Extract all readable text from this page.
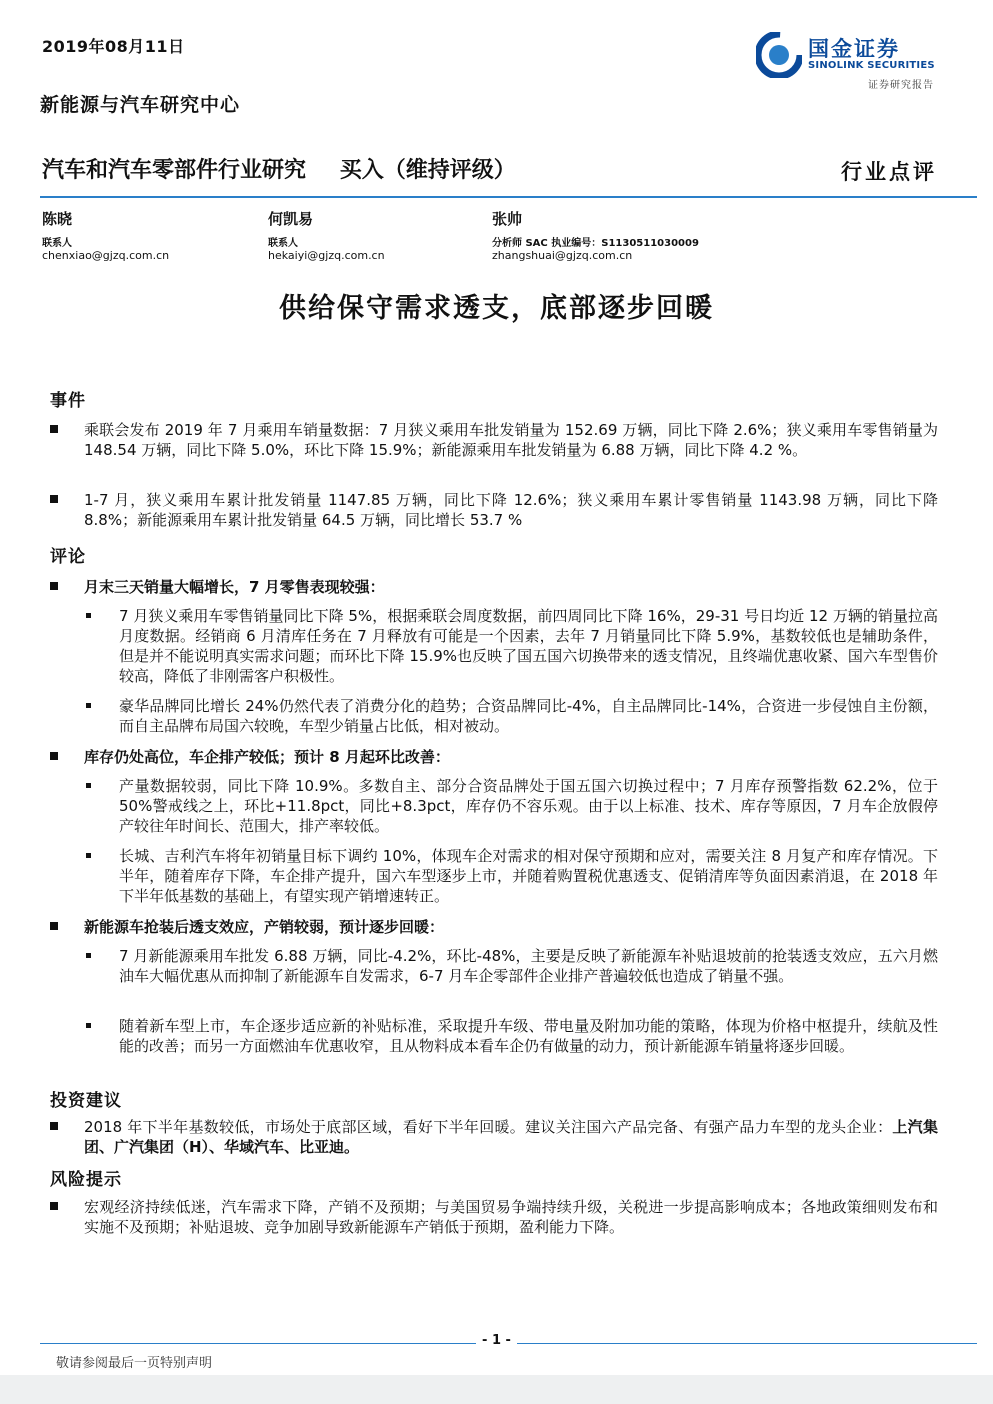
2019年08月11日
新能源与汽车研究中心
国金证券
SINOLINK SECURITIES
证券研究报告
汽车和汽车零部件行业研究 买入（维持评级）	行业点评
陈晓
联系人
chenxiao@gjzq.com.cn
何凯易
联系人
hekaiyi@gjzq.com.cn
张帅
分析师 SAC 执业编号：S1130511030009
zhangshuai@gjzq.com.cn
供给保守需求透支，底部逐步回暖
事件
乘联会发布 2019 年 7 月乘用车销量数据：7 月狭义乘用车批发销量为 152.69 万辆，同比下降 2.6%；狭义乘用车零售销量为 148.54 万辆，同比下降 5.0%，环比下降 15.9%；新能源乘用车批发销量为 6.88 万辆，同比下降 4.2 %。
1-7 月，狭义乘用车累计批发销量 1147.85 万辆，同比下降 12.6%；狭义乘用车累计零售销量 1143.98 万辆，同比下降 8.8%；新能源乘用车累计批发销量 64.5 万辆，同比增长 53.7 %
评论
月末三天销量大幅增长，7 月零售表现较强：
7 月狭义乘用车零售销量同比下降 5%，根据乘联会周度数据，前四周同比下降 16%，29-31 号日均近 12 万辆的销量拉高月度数据。经销商 6 月清库任务在 7 月释放有可能是一个因素，去年 7 月销量同比下降 5.9%，基数较低也是辅助条件，但是并不能说明真实需求问题；而环比下降 15.9%也反映了国五国六切换带来的透支情况，且终端优惠收紧、国六车型售价较高，降低了非刚需客户积极性。
豪华品牌同比增长 24%仍然代表了消费分化的趋势；合资品牌同比-4%，自主品牌同比-14%，合资进一步侵蚀自主份额，而自主品牌布局国六较晚，车型少销量占比低，相对被动。
库存仍处高位，车企排产较低；预计 8 月起环比改善：
产量数据较弱，同比下降 10.9%。多数自主、部分合资品牌处于国五国六切换过程中；7 月库存预警指数 62.2%，位于 50%警戒线之上，环比+11.8pct，同比+8.3pct，库存仍不容乐观。由于以上标准、技术、库存等原因，7 月车企放假停产较往年时间长、范围大，排产率较低。
长城、吉利汽车将年初销量目标下调约 10%，体现车企对需求的相对保守预期和应对，需要关注 8 月复产和库存情况。下半年，随着库存下降，车企排产提升，国六车型逐步上市，并随着购置税优惠透支、促销清库等负面因素消退，在 2018 年下半年低基数的基础上，有望实现产销增速转正。
新能源车抢装后透支效应，产销较弱，预计逐步回暖：
7 月新能源乘用车批发 6.88 万辆，同比-4.2%，环比-48%，主要是反映了新能源车补贴退坡前的抢装透支效应，五六月燃油车大幅优惠从而抑制了新能源车自发需求，6-7 月车企零部件企业排产普遍较低也造成了销量不强。
随着新车型上市，车企逐步适应新的补贴标准，采取提升车级、带电量及附加功能的策略，体现为价格中枢提升，续航及性能的改善；而另一方面燃油车优惠收窄，且从物料成本看车企仍有做量的动力，预计新能源车销量将逐步回暖。
投资建议
2018 年下半年基数较低，市场处于底部区域，看好下半年回暖。建议关注国六产品完备、有强产品力车型的龙头企业：上汽集团、广汽集团（H）、华域汽车、比亚迪。
风险提示
宏观经济持续低迷，汽车需求下降，产销不及预期；与美国贸易争端持续升级，关税进一步提高影响成本；各地政策细则发布和实施不及预期；补贴退坡、竞争加剧导致新能源车产销低于预期，盈利能力下降。
- 1 -
敬请参阅最后一页特别声明
